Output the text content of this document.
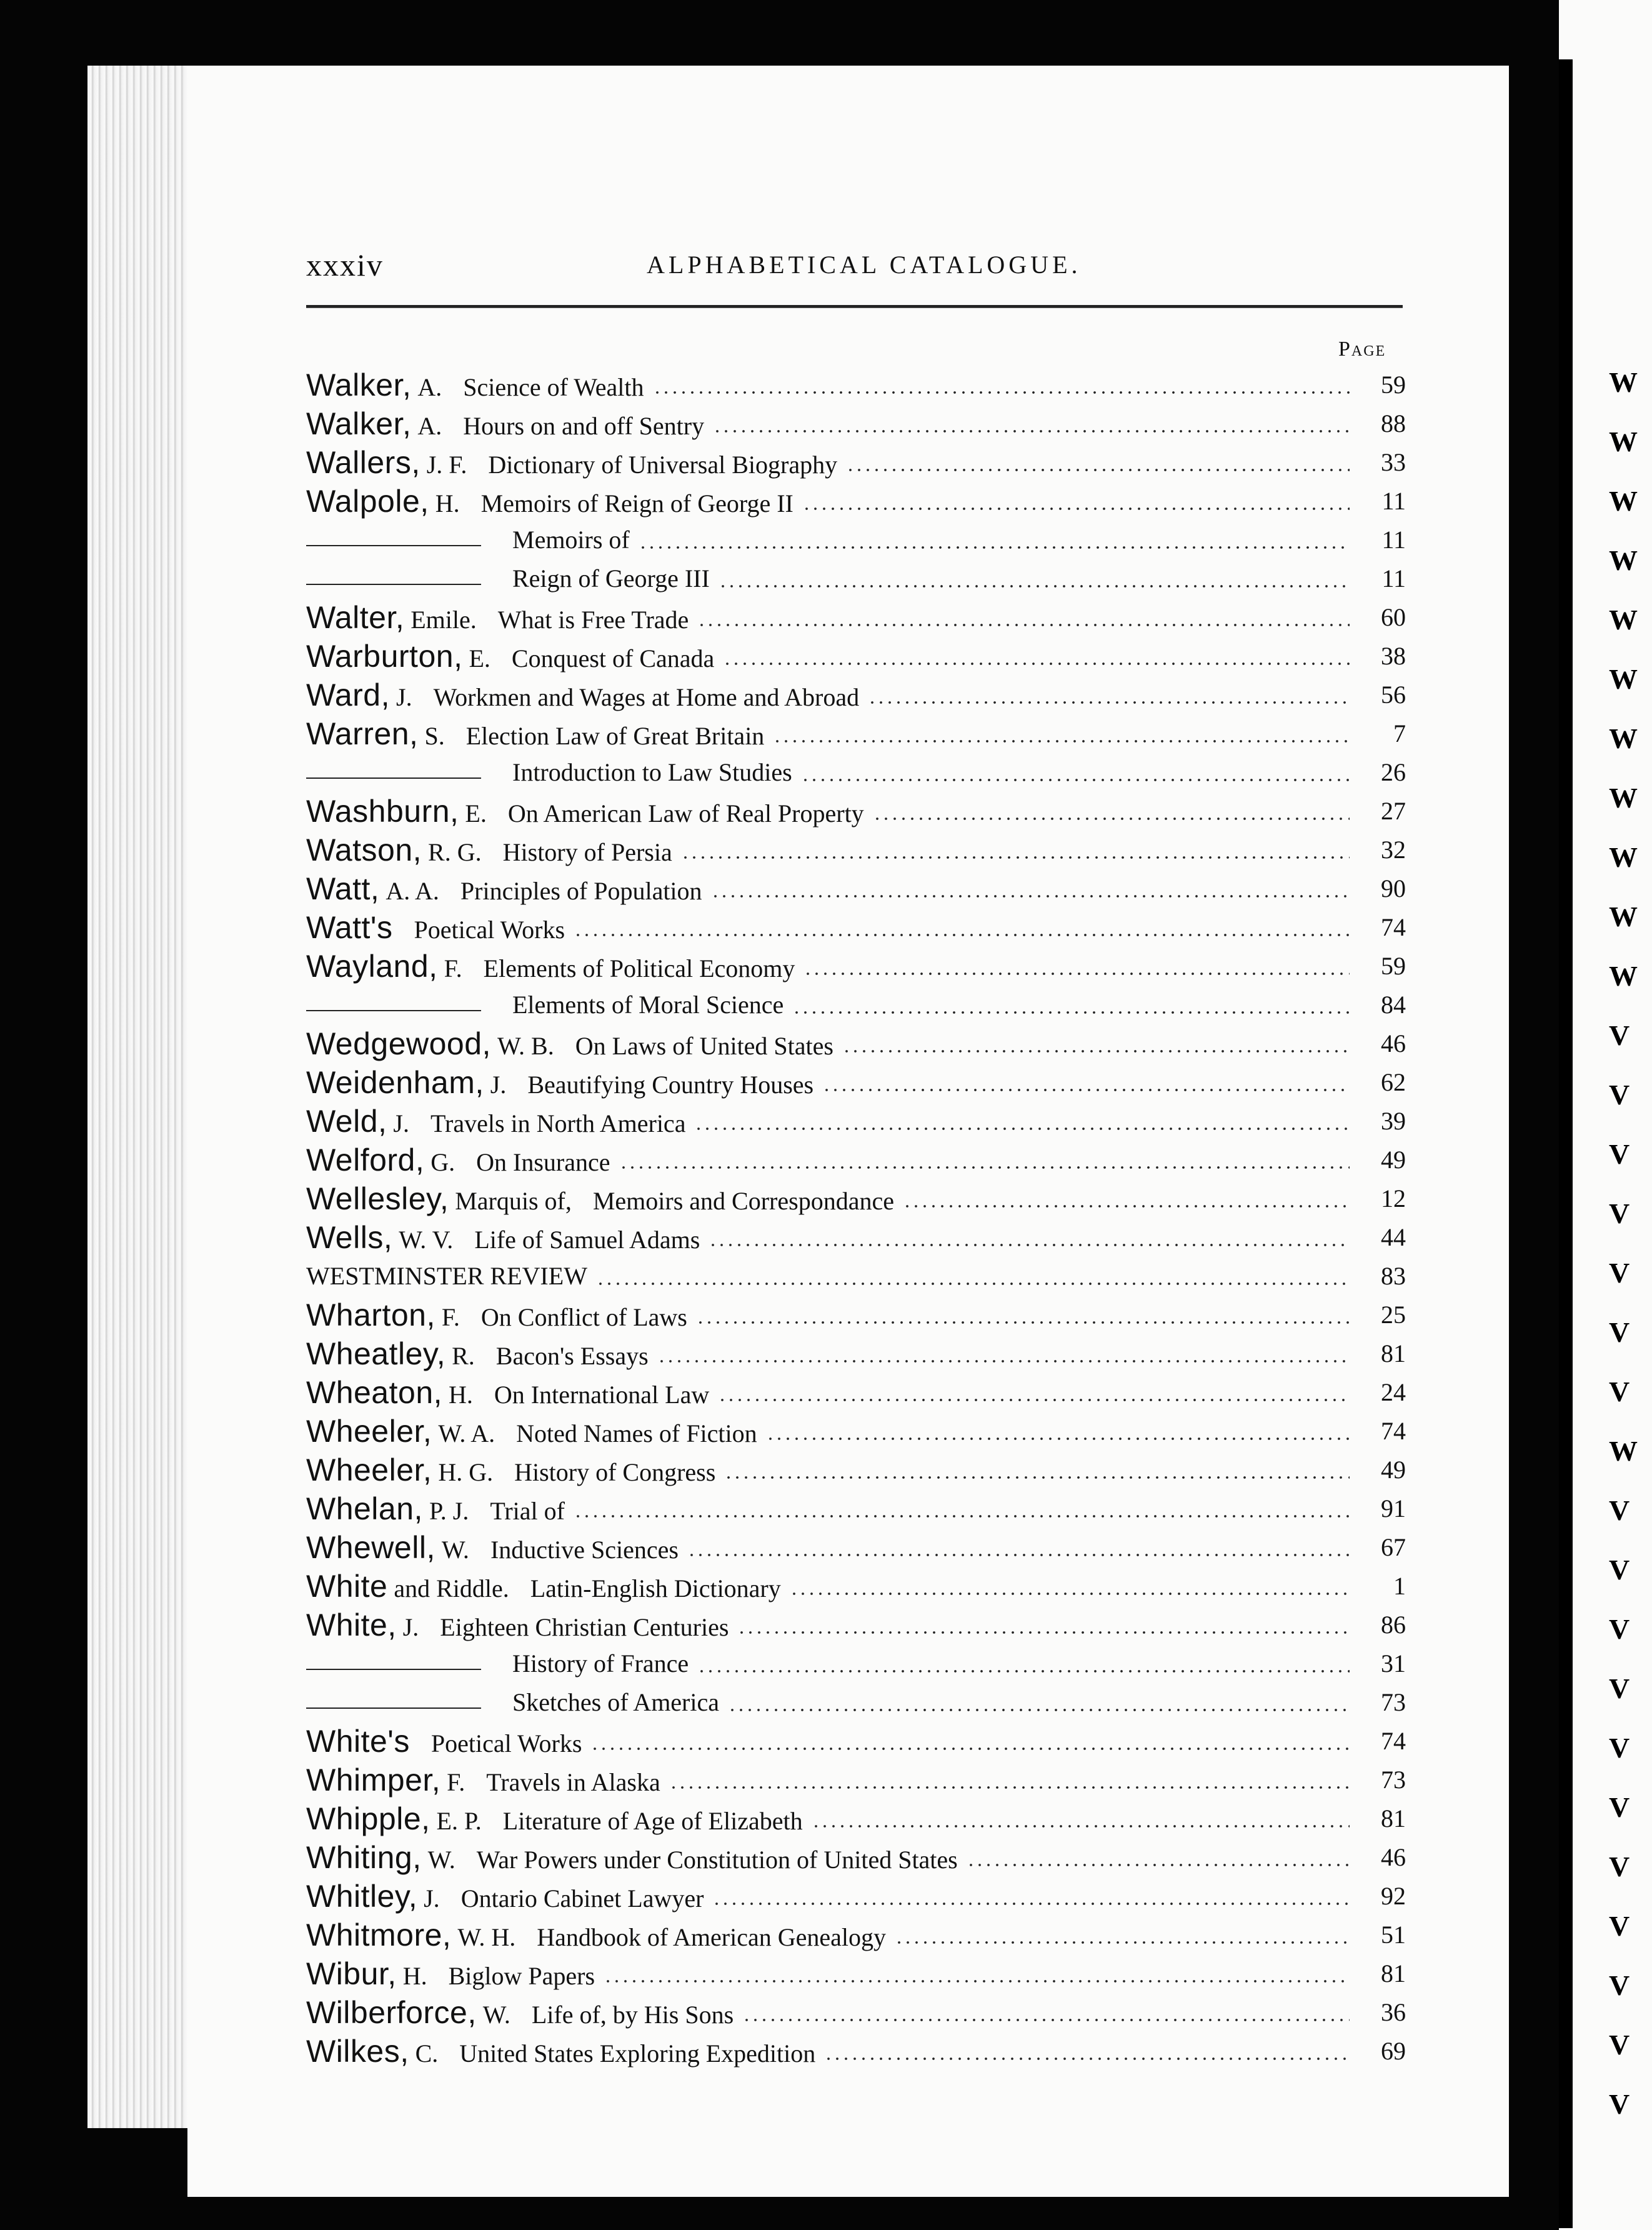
xxxiv	ALPHABETICAL CATALOGUE.
Page
Walker, A. Science of Wealth	59
Walker, A. Hours on and off Sentry	88
Wallers, J. F. Dictionary of Universal Biography	33
Walpole, H. Memoirs of Reign of George II	11
Memoirs of	11
Reign of George III	11
Walter, Emile. What is Free Trade	60
Warburton, E. Conquest of Canada	38
Ward, J. Workmen and Wages at Home and Abroad	56
Warren, S. Election Law of Great Britain	7
Introduction to Law Studies	26
Washburn, E. On American Law of Real Property	27
Watson, R. G. History of Persia	32
Watt, A. A. Principles of Population	90
Watt's Poetical Works	74
Wayland, F. Elements of Political Economy	59
Elements of Moral Science	84
Wedgewood, W. B. On Laws of United States	46
Weidenham, J. Beautifying Country Houses	62
Weld, J. Travels in North America	39
Welford, G. On Insurance	49
Wellesley, Marquis of, Memoirs and Correspondance	12
Wells, W. V. Life of Samuel Adams	44
WESTMINSTER REVIEW	83
Wharton, F. On Conflict of Laws	25
Wheatley, R. Bacon's Essays	81
Wheaton, H. On International Law	24
Wheeler, W. A. Noted Names of Fiction	74
Wheeler, H. G. History of Congress	49
Whelan, P. J. Trial of	91
Whewell, W. Inductive Sciences	67
White and Riddle. Latin-English Dictionary	1
White, J. Eighteen Christian Centuries	86
History of France	31
Sketches of America	73
White's Poetical Works	74
Whimper, F. Travels in Alaska	73
Whipple, E. P. Literature of Age of Elizabeth	81
Whiting, W. War Powers under Constitution of United States	46
Whitley, J. Ontario Cabinet Lawyer	92
Whitmore, W. H. Handbook of American Genealogy	51
Wibur, H. Biglow Papers	81
Wilberforce, W. Life of, by His Sons	36
Wilkes, C. United States Exploring Expedition	69
W
W
W
W
W
W
W
W
W
W
W
V
V
V
V
V
V
V
W
V
V
V
V
V
V
V
V
V
V
V
